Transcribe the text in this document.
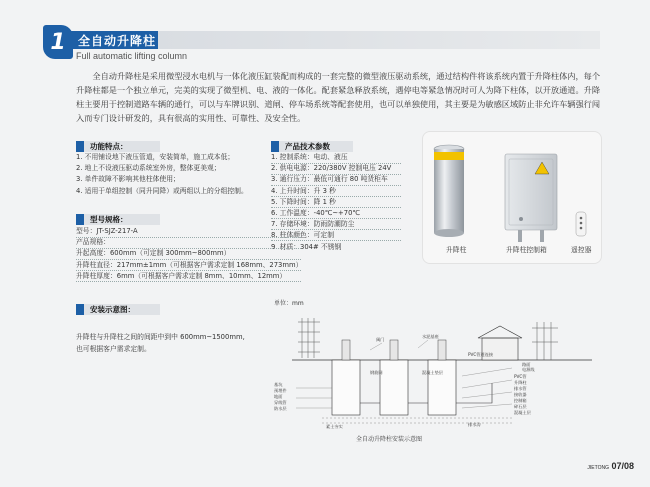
1 全自动升降柱
Full automatic lifting column

全自动升降柱是采用微型浸水电机与一体化液压缸装配而构成的一套完整的微型液压驱动系统，通过结构件将该系统内置于升降柱体内，每个升降柱都是一个独立单元，完美的实现了微型机、电、液的一体化。配套紧急释放系统，遇停电等紧急情况时可人为降下柱体，以开放通道。升降柱主要用于控制道路车辆的通行，可以与车牌识别、道闸、停车场系统等配套使用，也可以单独使用，其主要是为敏感区域防止非允许车辆强行闯入而专门设计研发的，具有很高的实用性、可靠性、及安全性。

功能特点：
1. 不用铺设地下液压管道，安装简单，施工成本低；
2. 地上不设液压驱动系统室外房，整体更美观；
3. 单件故障不影响其他柱体使用；
4. 适用于单组控制（同升同降）或两组以上的分组控制。
产品技术参数
1. 控制系统：电动、液压
2. 供电电源：220/380V 控制电压 24V
3. 通行压力：最低可通行 80 吨货柜车
4. 上升时间：升 3 秒
5. 下降时间：降 1 秒
6. 工作温度：-40℃~+70℃
7. 存储环境：防雨防潮防尘
8. 柱体颜色：可定制
9. 材质：304# 不锈钢
型号规格：
型号：JT-SJZ-217-A
产品规格：
升起高度：600mm（可定制 300mm~800mm）
升降柱直径：217mm±1mm（可根据客户需求定制 168mm、273mm）
升降柱厚度：6mm（可根据客户需求定制 8mm、10mm、12mm）
升降柱	升降柱控制箱	遥控器
安装示意图：

升降柱与升降柱之间的间距中到中 600mm~1500mm,

也可根据客户需求定制。

单位：mm
阀门
水泥基座
路面
电源线
PVC管
升降柱
排水管
接收器
控制箱
碎石层
混凝土层
基坑
预埋件
地面
穿线管
防水层
PVC管道连接
混凝土垫层
钢筋网
排水沟
素土夯实
全自动升降柱安装示意图
JIETONG 07/08
